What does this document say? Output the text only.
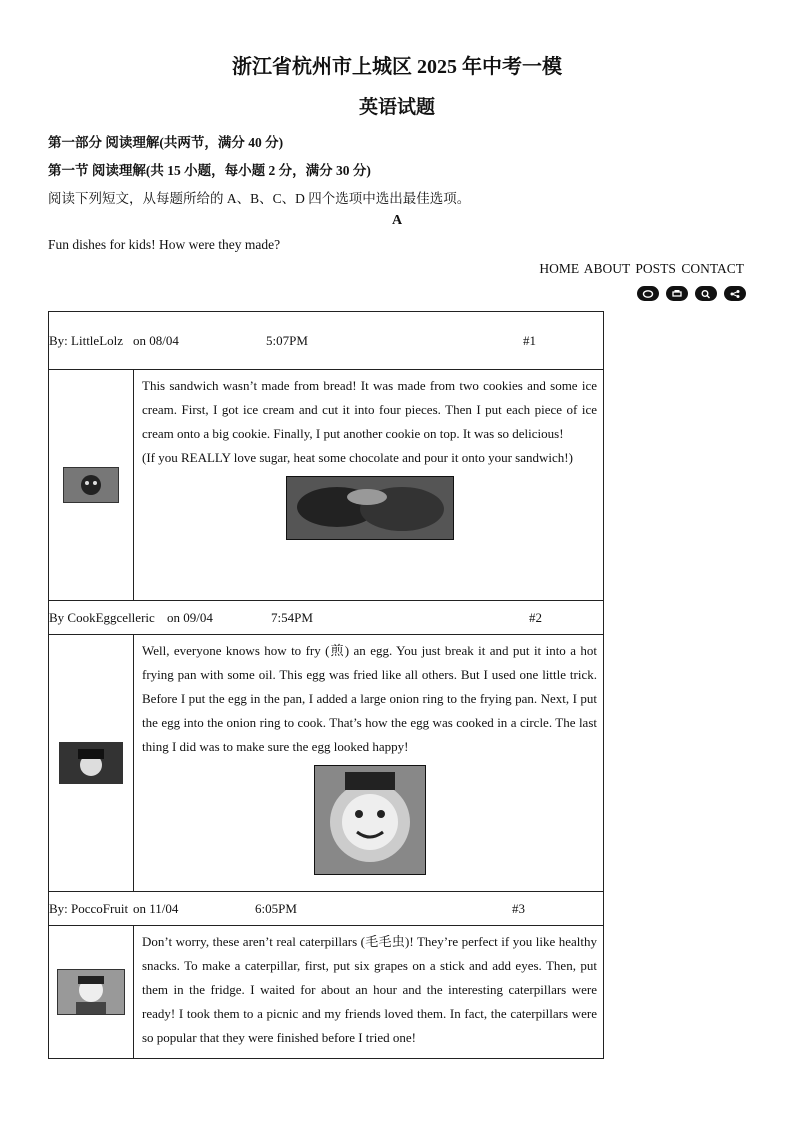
浙江省杭州市上城区 2025 年中考一模
英语试题
第一部分 阅读理解(共两节，满分 40 分)
第一节 阅读理解(共 15 小题，每小题 2 分，满分 30 分)
阅读下列短文，从每题所给的 A、B、C、D 四个选项中选出最佳选项。
A
Fun dishes for kids! How were they made?
HOME ABOUT POSTS CONTACT
By: LittleLolz on 08/04 5:07PM #1	

This sandwich wasn’t made from bread! It was made from two cookies and some ice cream. First, I got ice cream and cut it into four pieces. Then I put each piece of ice cream onto a big cookie. Finally, I put another cookie on top. It was so delicious!
(If you REALLY love sugar, heat some chocolate and pour it onto your sandwich!)

By CookEggcelleric on 09/04 7:54PM #2	

Well, everyone knows how to fry (煎) an egg. You just break it and put it into a hot frying pan with some oil. This egg was fried like all others. But I used one little trick. Before I put the egg in the pan, I added a large onion ring to the frying pan. Next, I put the egg into the onion ring to cook. That’s how the egg was cooked in a circle. The last thing I did was to make sure the egg looked happy!

By: PoccoFruit on 11/04 6:05PM #3	

Don’t worry, these aren’t real caterpillars (毛毛虫)! They’re perfect if you like healthy snacks. To make a caterpillar, first, put six grapes on a stick and add eyes. Then, put them in the fridge. I waited for about an hour and the interesting caterpillars were ready! I took them to a picnic and my friends loved them. In fact, the caterpillars were so popular that they were finished before I tried one!
